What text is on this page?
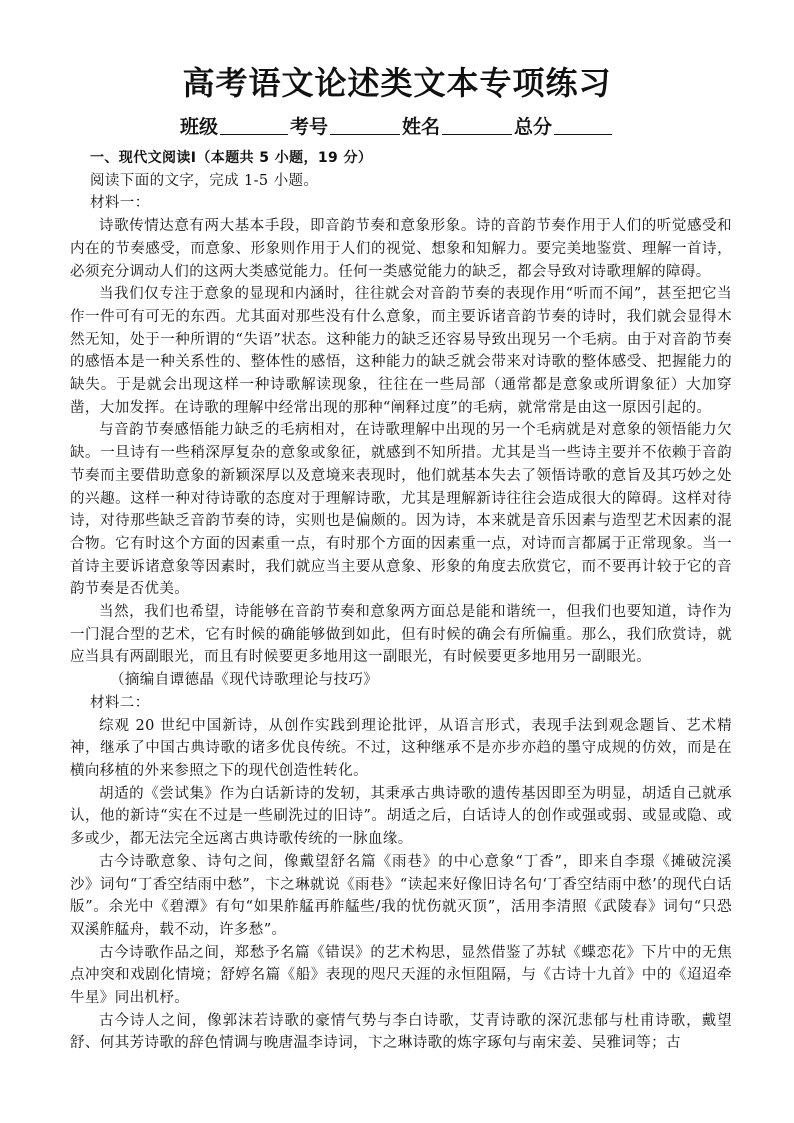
高考语文论述类文本专项练习
班级	考号	姓名	总分

一、现代文阅读Ⅰ（本题共 5 小题，19 分）

阅读下面的文字，完成 1-5 小题。

材料一：

诗歌传情达意有两大基本手段，即音韵节奏和意象形象。诗的音韵节奏作用于人们的听觉感受和内在的节奏感受，而意象、形象则作用于人们的视觉、想象和知解力。要完美地鉴赏、理解一首诗，必须充分调动人们的这两大类感觉能力。任何一类感觉能力的缺乏，都会导致对诗歌理解的障碍。

当我们仅专注于意象的显现和内涵时，往往就会对音韵节奏的表现作用“听而不闻”，甚至把它当作一件可有可无的东西。尤其面对那些没有什么意象，而主要诉诸音韵节奏的诗时，我们就会显得木然无知，处于一种所谓的“失语”状态。这种能力的缺乏还容易导致出现另一个毛病。由于对音韵节奏的感悟本是一种关系性的、整体性的感悟，这种能力的缺乏就会带来对诗歌的整体感受、把握能力的缺失。于是就会出现这样一种诗歌解读现象，往往在一些局部（通常都是意象或所谓象征）大加穿凿，大加发挥。在诗歌的理解中经常出现的那种“阐释过度”的毛病，就常常是由这一原因引起的。

与音韵节奏感悟能力缺乏的毛病相对，在诗歌理解中出现的另一个毛病就是对意象的领悟能力欠缺。一旦诗有一些稍深厚复杂的意象或象征，就感到不知所措。尤其是当一些诗主要并不依赖于音韵节奏而主要借助意象的新颖深厚以及意境来表现时，他们就基本失去了领悟诗歌的意旨及其巧妙之处的兴趣。这样一种对待诗歌的态度对于理解诗歌，尤其是理解新诗往往会造成很大的障碍。这样对待诗，对待那些缺乏音韵节奏的诗，实则也是偏颇的。因为诗，本来就是音乐因素与造型艺术因素的混合物。它有时这个方面的因素重一点，有时那个方面的因素重一点，对诗而言都属于正常现象。当一首诗主要诉诸意象等因素时，我们就应当主要从意象、形象的角度去欣赏它，而不要再计较于它的音韵节奏是否优美。

当然，我们也希望，诗能够在音韵节奏和意象两方面总是能和谐统一，但我们也要知道，诗作为一门混合型的艺术，它有时候的确能够做到如此，但有时候的确会有所偏重。那么，我们欣赏诗，就应当具有两副眼光，而且有时候要更多地用这一副眼光，有时候要更多地用另一副眼光。

（摘编自谭德晶《现代诗歌理论与技巧》

材料二：

综观 20 世纪中国新诗，从创作实践到理论批评，从语言形式，表现手法到观念题旨、艺术精神，继承了中国古典诗歌的诸多优良传统。不过，这种继承不是亦步亦趋的墨守成规的仿效，而是在横向移植的外来参照之下的现代创造性转化。

胡适的《尝试集》作为白话新诗的发轫，其秉承古典诗歌的遗传基因即至为明显，胡适自己就承认，他的新诗“实在不过是一些刷洗过的旧诗”。胡适之后，白话诗人的创作或强或弱、或显或隐、或多或少，都无法完全远离古典诗歌传统的一脉血缘。

古今诗歌意象、诗句之间，像戴望舒名篇《雨巷》的中心意象“丁香”，即来自李璟《摊破浣溪沙》词句“丁香空结雨中愁”，卞之琳就说《雨巷》“读起来好像旧诗名句‘丁香空结雨中愁’的现代白话版”。余光中《碧潭》有句“如果舴艋再舴艋些/我的忧伤就灭顶”，活用李清照《武陵春》词句“只恐双溪舴艋舟，载不动，许多愁”。

古今诗歌作品之间，郑愁予名篇《错误》的艺术构思，显然借鉴了苏轼《蝶恋花》下片中的无焦点冲突和戏剧化情境；舒婷名篇《船》表现的咫尺天涯的永恒阻隔，与《古诗十九首》中的《迢迢牵牛星》同出机杼。

古今诗人之间，像郭沫若诗歌的豪情气势与李白诗歌，艾青诗歌的深沉悲郁与杜甫诗歌，戴望舒、何其芳诗歌的辞色情调与晚唐温李诗词，卞之琳诗歌的炼字琢句与南宋姜、吴雅词等；古
